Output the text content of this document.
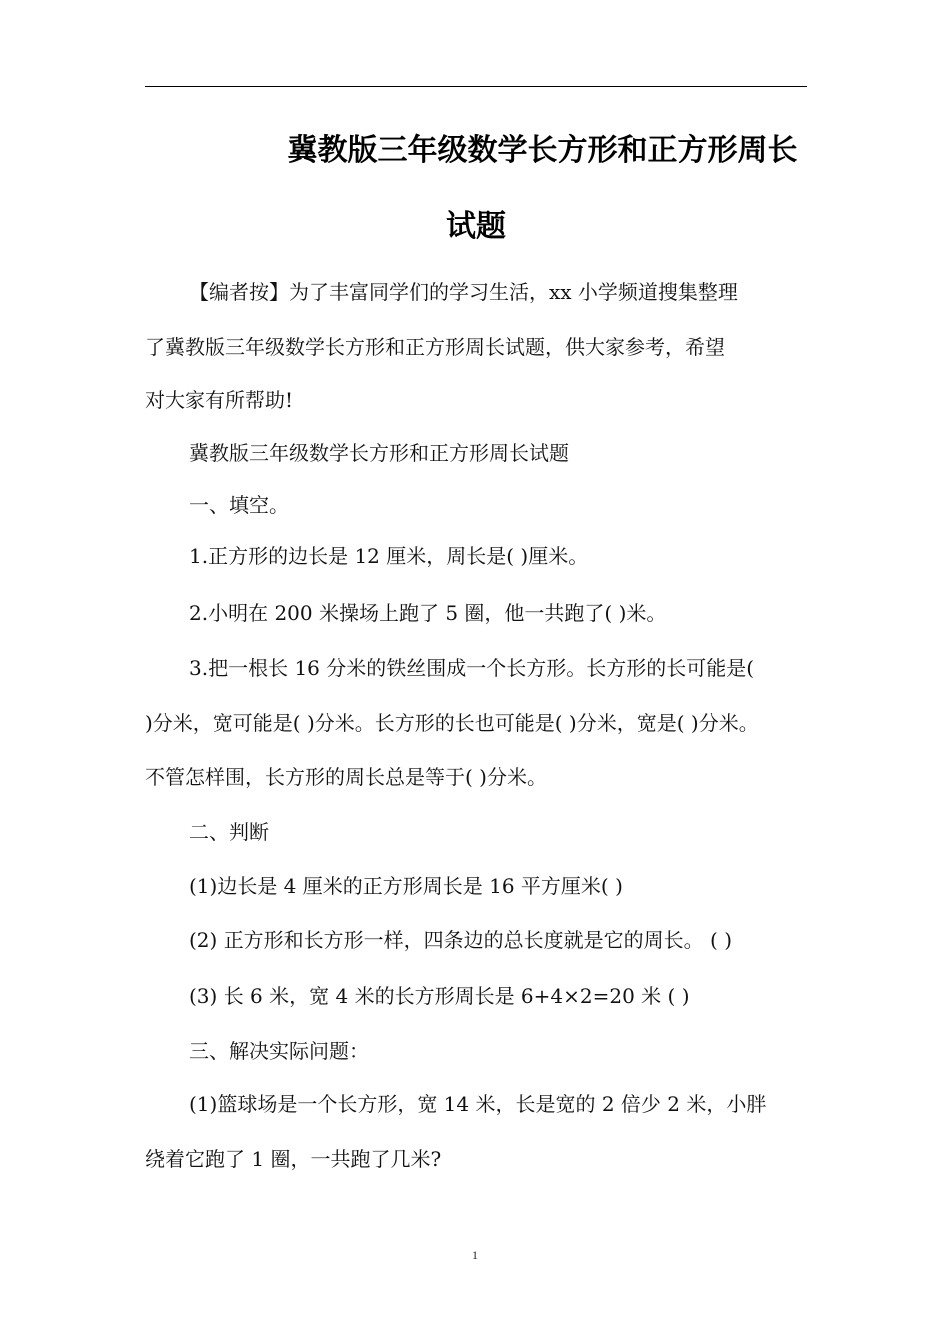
冀教版三年级数学长方形和正方形周长
试题

【编者按】为了丰富同学们的学习生活，xx 小学频道搜集整理

了冀教版三年级数学长方形和正方形周长试题，供大家参考，希望

对大家有所帮助!

冀教版三年级数学长方形和正方形周长试题

一、填空。

1.正方形的边长是 12 厘米，周长是( )厘米。

2.小明在 200 米操场上跑了 5 圈，他一共跑了( )米。

3.把一根长 16 分米的铁丝围成一个长方形。长方形的长可能是(

)分米，宽可能是( )分米。长方形的长也可能是( )分米，宽是( )分米。

不管怎样围，长方形的周长总是等于( )分米。

二、判断

(1)边长是 4 厘米的正方形周长是 16 平方厘米( )

(2) 正方形和长方形一样，四条边的总长度就是它的周长。 ( )

(3) 长 6 米，宽 4 米的长方形周长是 6+4×2=20 米 ( )

三、解决实际问题：

(1)篮球场是一个长方形，宽 14 米，长是宽的 2 倍少 2 米，小胖

绕着它跑了 1 圈，一共跑了几米?

1
